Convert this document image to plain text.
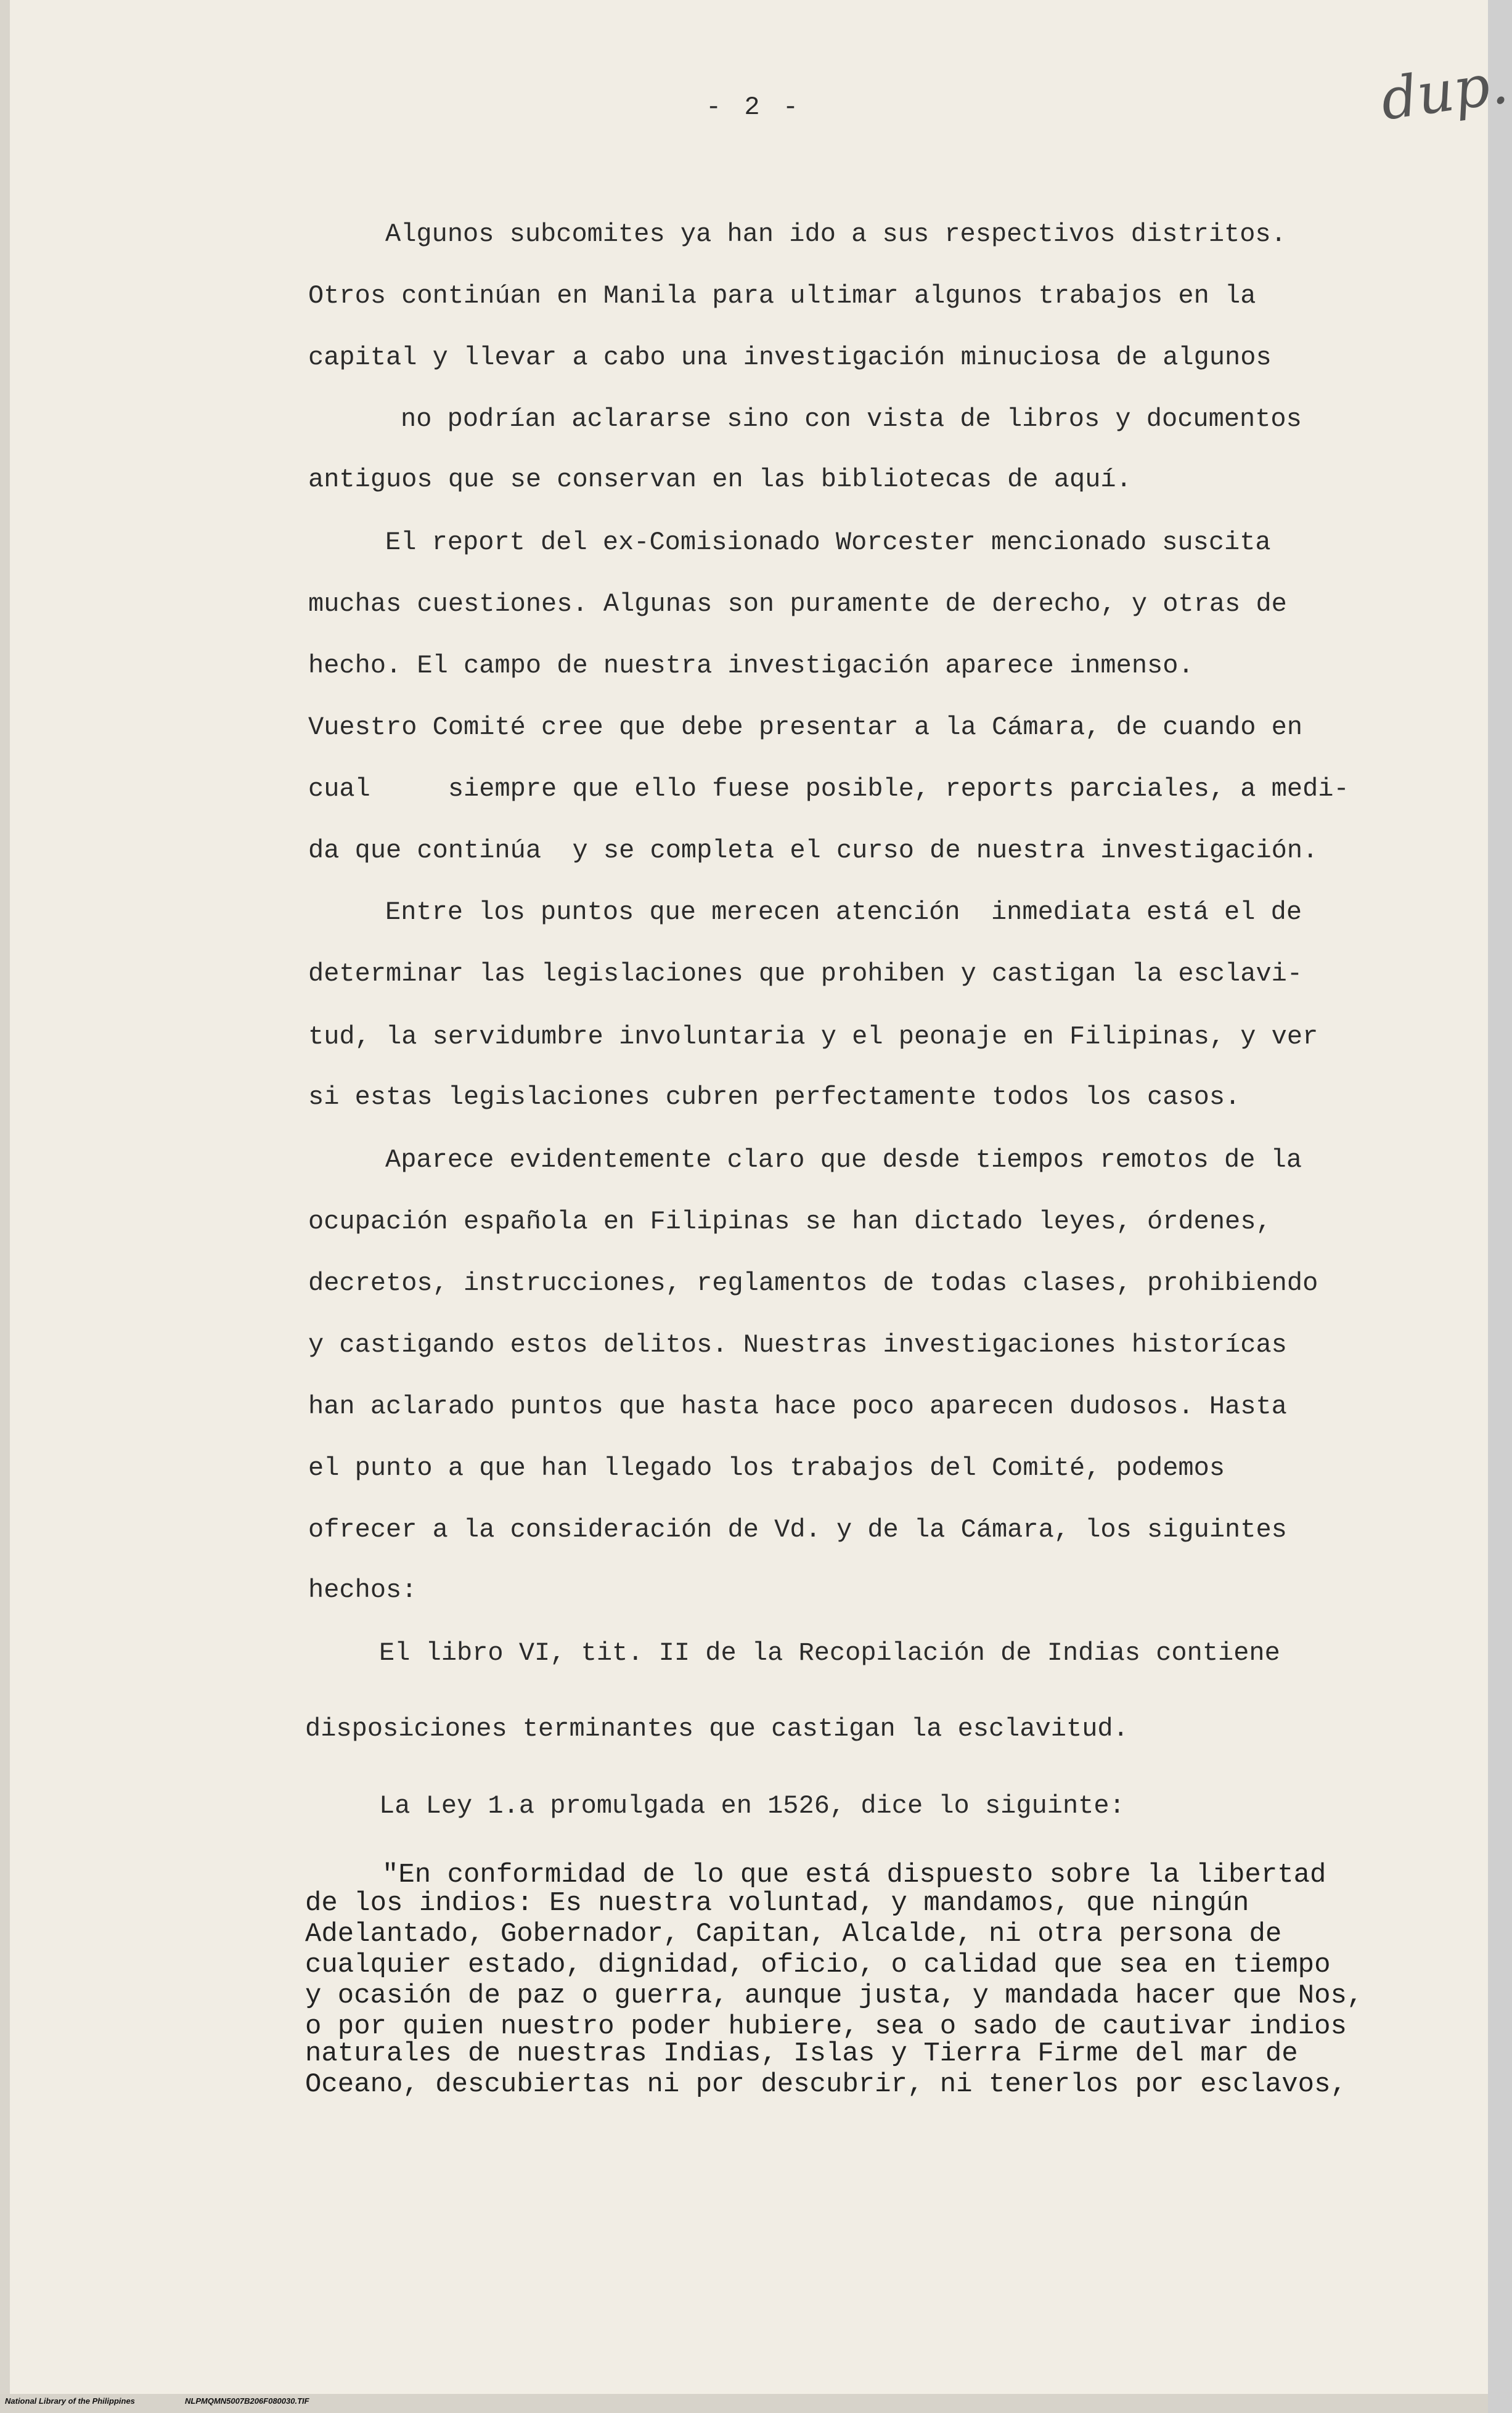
- 2 -	dup.
Algunos subcomites ya han ido a sus respectivos distritos.
Otros continúan en Manila para ultimar algunos trabajos en la
capital y llevar a cabo una investigación minuciosa de algunos
no podrían aclararse sino con vista de libros y documentos
antiguos que se conservan en las bibliotecas de aquí.
El report del ex-Comisionado Worcester mencionado suscita
muchas cuestiones. Algunas son puramente de derecho, y otras de
hecho. El campo de nuestra investigación aparece inmenso.
Vuestro Comité cree que debe presentar a la Cámara, de cuando en
cual     siempre que ello fuese posible, reports parciales, a medi-
da que continúa  y se completa el curso de nuestra investigación.
Entre los puntos que merecen atención  inmediata está el de
determinar las legislaciones que prohiben y castigan la esclavi-
tud, la servidumbre involuntaria y el peonaje en Filipinas, y ver
si estas legislaciones cubren perfectamente todos los casos.
Aparece evidentemente claro que desde tiempos remotos de la
ocupación española en Filipinas se han dictado leyes, órdenes,
decretos, instrucciones, reglamentos de todas clases, prohibiendo
y castigando estos delitos. Nuestras investigaciones historícas
han aclarado puntos que hasta hace poco aparecen dudosos. Hasta
el punto a que han llegado los trabajos del Comité, podemos
ofrecer a la consideración de Vd. y de la Cámara, los siguintes
hechos:
El libro VI, tit. II de la Recopilación de Indias contiene
disposiciones terminantes que castigan la esclavitud.
La Ley 1.a promulgada en 1526, dice lo siguinte:
"En conformidad de lo que está dispuesto sobre la libertad
de los indios: Es nuestra voluntad, y mandamos, que ningún
Adelantado, Gobernador, Capitan, Alcalde, ni otra persona de
cualquier estado, dignidad, oficio, o calidad que sea en tiempo
y ocasión de paz o guerra, aunque justa, y mandada hacer que Nos,
o por quien nuestro poder hubiere, sea o sado de cautivar indios
naturales de nuestras Indias, Islas y Tierra Firme del mar de
Oceano, descubiertas ni por descubrir, ni tenerlos por esclavos,
National Library of the Philippines	NLPMQMN5007B206F080030.TIF
